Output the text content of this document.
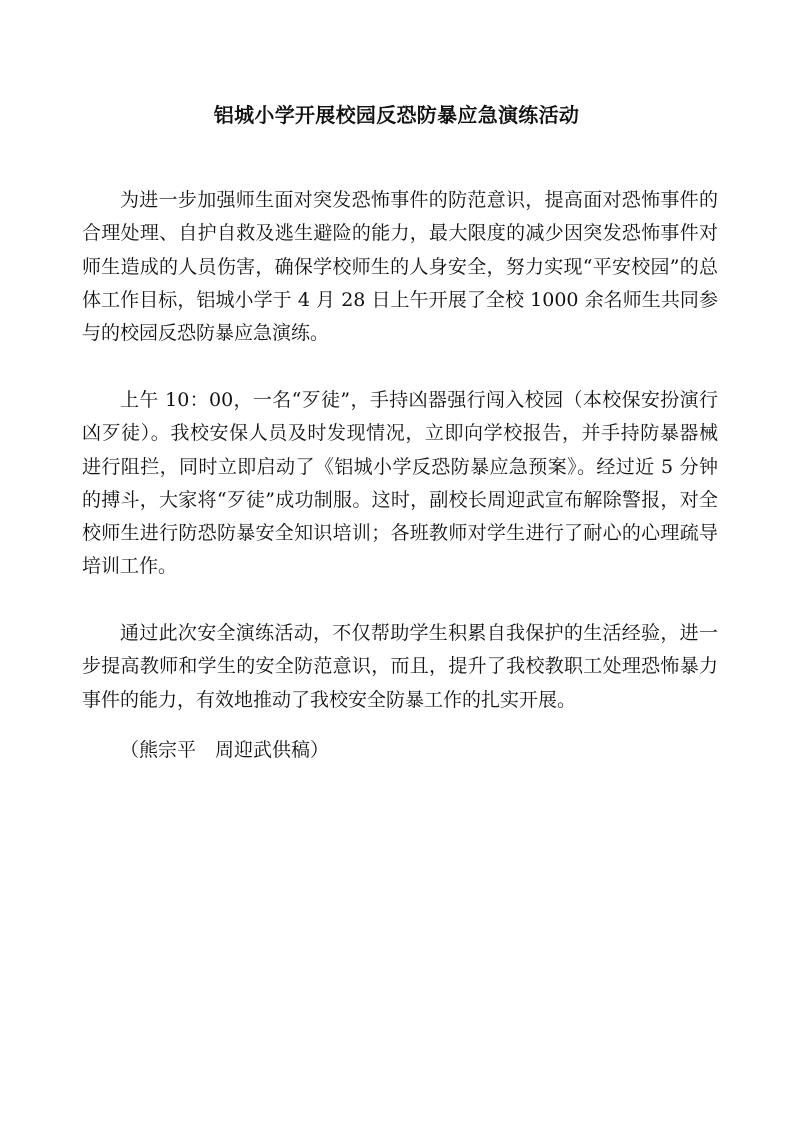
铝城小学开展校园反恐防暴应急演练活动

为进一步加强师生面对突发恐怖事件的防范意识，提高面对恐怖事件的合理处理、自护自救及逃生避险的能力，最大限度的减少因突发恐怖事件对师生造成的人员伤害，确保学校师生的人身安全，努力实现“平安校园”的总体工作目标，铝城小学于 4 月 28 日上午开展了全校 1000 余名师生共同参与的校园反恐防暴应急演练。

上午 10：00，一名“歹徒”，手持凶器强行闯入校园（本校保安扮演行凶歹徒）。我校安保人员及时发现情况，立即向学校报告，并手持防暴器械进行阻拦，同时立即启动了《铝城小学反恐防暴应急预案》。经过近 5 分钟的搏斗，大家将“歹徒”成功制服。这时，副校长周迎武宣布解除警报，对全校师生进行防恐防暴安全知识培训；各班教师对学生进行了耐心的心理疏导培训工作。

通过此次安全演练活动，不仅帮助学生积累自我保护的生活经验，进一步提高教师和学生的安全防范意识，而且，提升了我校教职工处理恐怖暴力事件的能力，有效地推动了我校安全防暴工作的扎实开展。

（熊宗平　周迎武供稿）
